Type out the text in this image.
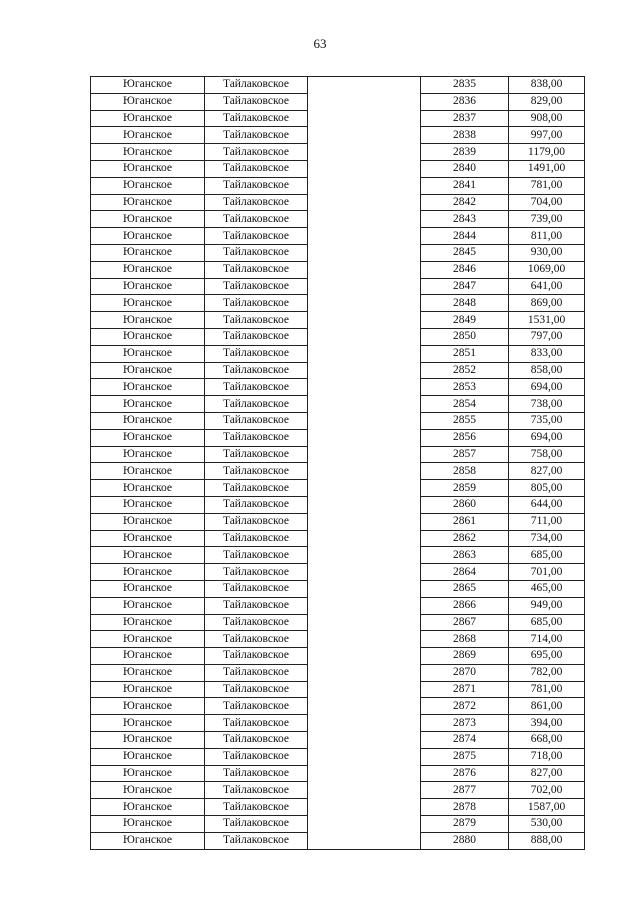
63
Юганское	Тайлаковское		2835	838,00
Юганское	Тайлаковское		2836	829,00
Юганское	Тайлаковское		2837	908,00
Юганское	Тайлаковское		2838	997,00
Юганское	Тайлаковское		2839	1179,00
Юганское	Тайлаковское		2840	1491,00
Юганское	Тайлаковское		2841	781,00
Юганское	Тайлаковское		2842	704,00
Юганское	Тайлаковское		2843	739,00
Юганское	Тайлаковское		2844	811,00
Юганское	Тайлаковское		2845	930,00
Юганское	Тайлаковское		2846	1069,00
Юганское	Тайлаковское		2847	641,00
Юганское	Тайлаковское		2848	869,00
Юганское	Тайлаковское		2849	1531,00
Юганское	Тайлаковское		2850	797,00
Юганское	Тайлаковское		2851	833,00
Юганское	Тайлаковское		2852	858,00
Юганское	Тайлаковское		2853	694,00
Юганское	Тайлаковское		2854	738,00
Юганское	Тайлаковское		2855	735,00
Юганское	Тайлаковское		2856	694,00
Юганское	Тайлаковское		2857	758,00
Юганское	Тайлаковское		2858	827,00
Юганское	Тайлаковское		2859	805,00
Юганское	Тайлаковское		2860	644,00
Юганское	Тайлаковское		2861	711,00
Юганское	Тайлаковское		2862	734,00
Юганское	Тайлаковское		2863	685,00
Юганское	Тайлаковское		2864	701,00
Юганское	Тайлаковское		2865	465,00
Юганское	Тайлаковское		2866	949,00
Юганское	Тайлаковское		2867	685,00
Юганское	Тайлаковское		2868	714,00
Юганское	Тайлаковское		2869	695,00
Юганское	Тайлаковское		2870	782,00
Юганское	Тайлаковское		2871	781,00
Юганское	Тайлаковское		2872	861,00
Юганское	Тайлаковское		2873	394,00
Юганское	Тайлаковское		2874	668,00
Юганское	Тайлаковское		2875	718,00
Юганское	Тайлаковское		2876	827,00
Юганское	Тайлаковское		2877	702,00
Юганское	Тайлаковское		2878	1587,00
Юганское	Тайлаковское		2879	530,00
Юганское	Тайлаковское		2880	888,00
